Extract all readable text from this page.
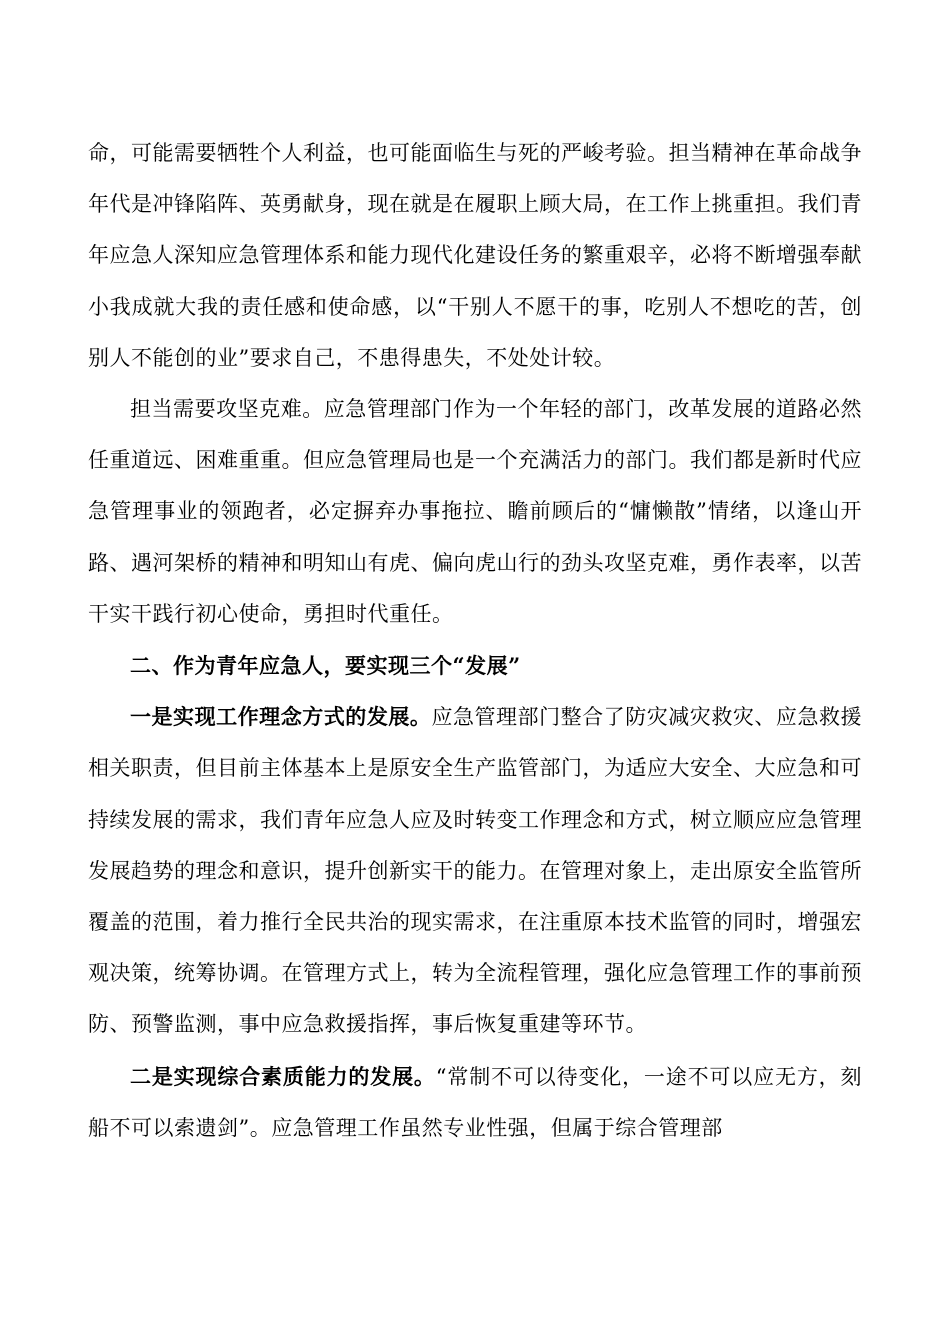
命，可能需要牺牲个人利益，也可能面临生与死的严峻考验。担当精神在革命战争年代是冲锋陷阵、英勇献身，现在就是在履职上顾大局，在工作上挑重担。我们青年应急人深知应急管理体系和能力现代化建设任务的繁重艰辛，必将不断增强奉献小我成就大我的责任感和使命感，以“干别人不愿干的事，吃别人不想吃的苦，创别人不能创的业”要求自己，不患得患失，不处处计较。

担当需要攻坚克难。应急管理部门作为一个年轻的部门，改革发展的道路必然任重道远、困难重重。但应急管理局也是一个充满活力的部门。我们都是新时代应急管理事业的领跑者，必定摒弃办事拖拉、瞻前顾后的“慵懒散”情绪，以逢山开路、遇河架桥的精神和明知山有虎、偏向虎山行的劲头攻坚克难，勇作表率，以苦干实干践行初心使命，勇担时代重任。

二、作为青年应急人，要实现三个“发展”

一是实现工作理念方式的发展。应急管理部门整合了防灾减灾救灾、应急救援相关职责，但目前主体基本上是原安全生产监管部门，为适应大安全、大应急和可持续发展的需求，我们青年应急人应及时转变工作理念和方式，树立顺应应急管理发展趋势的理念和意识，提升创新实干的能力。在管理对象上，走出原安全监管所覆盖的范围，着力推行全民共治的现实需求，在注重原本技术监管的同时，增强宏观决策，统筹协调。在管理方式上，转为全流程管理，强化应急管理工作的事前预防、预警监测，事中应急救援指挥，事后恢复重建等环节。

二是实现综合素质能力的发展。“常制不可以待变化，一途不可以应无方，刻船不可以索遗剑”。应急管理工作虽然专业性强，但属于综合管理部
